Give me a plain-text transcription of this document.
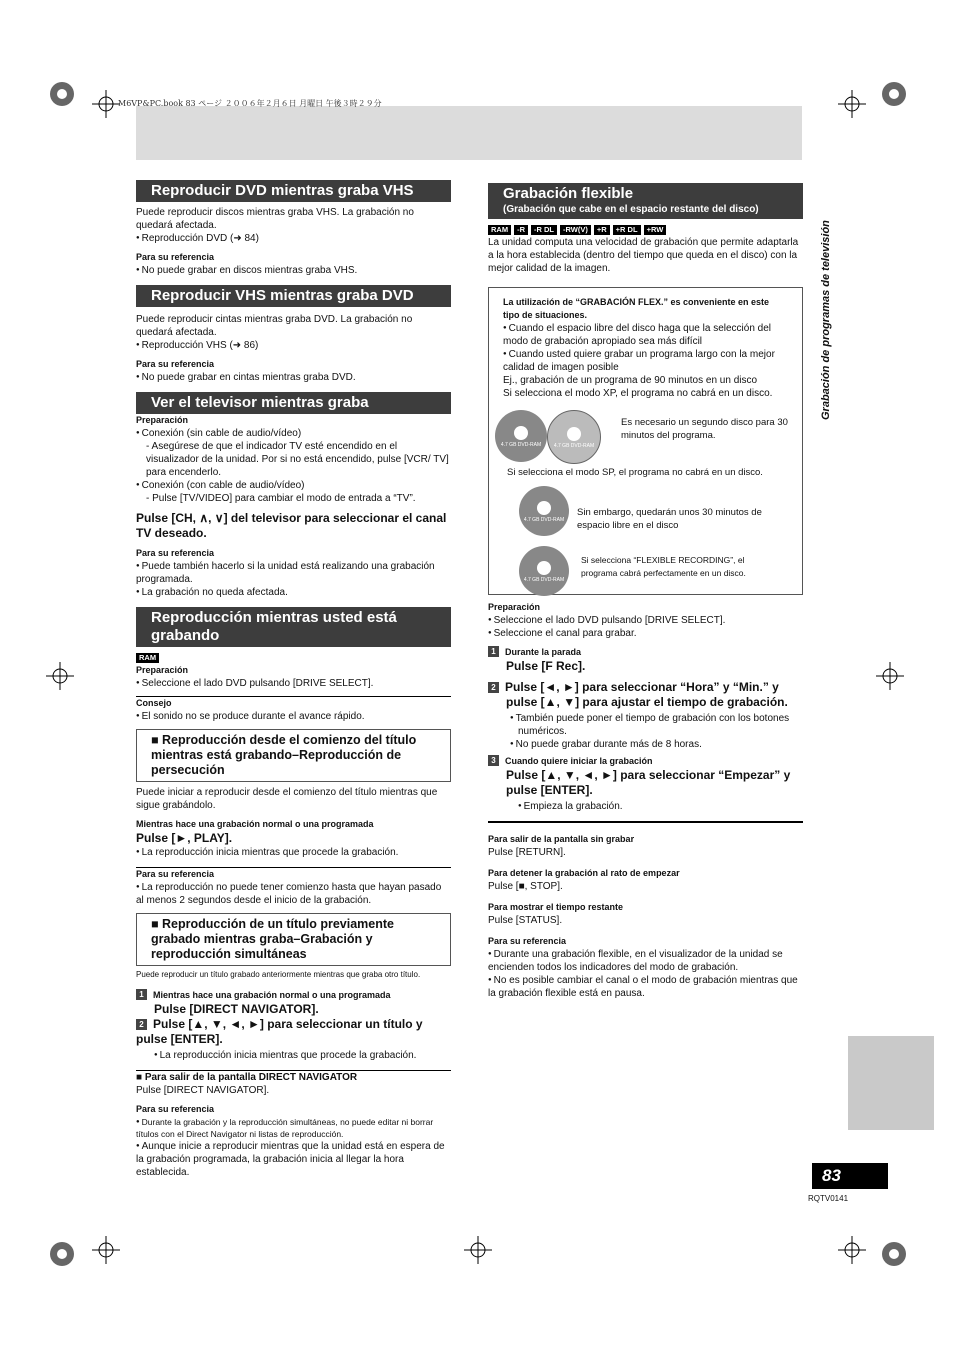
M6VP&PC.book 83 ページ ２００６年２月６日 月曜日 午後３時２９分
Grabación de programas de televisión
83
RQTV0141
Reproducir DVD mientras graba VHS

Puede reproducir discos mientras graba VHS. La grabación no quedará afectada.

● Reproducción DVD (➜ 84)

Para su referencia

● No puede grabar en discos mientras graba VHS.

Reproducir VHS mientras graba DVD

Puede reproducir cintas mientras graba DVD. La grabación no quedará afectada.

● Reproducción VHS (➜ 86)

Para su referencia

● No puede grabar en cintas mientras graba DVD.

Ver el televisor mientras graba

Preparación

● Conexión (sin cable de audio/vídeo)

- Asegúrese de que el indicador TV esté encendido en el visualizador de la unidad. Por si no está encendido, pulse [VCR/ TV] para encenderlo.

● Conexión (con cable de audio/vídeo)

- Pulse [TV/VIDEO] para cambiar el modo de entrada a “TV”.

Pulse [CH, ∧, ∨] del televisor para seleccionar el canal TV deseado.

Para su referencia

● Puede también hacerlo si la unidad está realizando una grabación programada.

● La grabación no queda afectada.

Reproducción mientras usted está grabando

RAM

Preparación

● Seleccione el lado DVD pulsando [DRIVE SELECT].

Consejo

● El sonido no se produce durante el avance rápido.

■ Reproducción desde el comienzo del título mientras está grabando–Reproducción de persecución

Puede iniciar a reproducir desde el comienzo del título mientras que sigue grabándolo.

Mientras hace una grabación normal o una programada

Pulse [►, PLAY].

● La reproducción inicia mientras que procede la grabación.

Para su referencia

● La reproducción no puede tener comienzo hasta que hayan pasado al menos 2 segundos desde el inicio de la grabación.

■ Reproducción de un título previamente grabado mientras graba–Grabación y reproducción simultáneas

Puede reproducir un título grabado anteriormente mientras que graba otro título.

1 Mientras hace una grabación normal o una programada

Pulse [DIRECT NAVIGATOR].

2 Pulse [▲, ▼, ◄, ►] para seleccionar un título y pulse [ENTER].

● La reproducción inicia mientras que procede la grabación.

■ Para salir de la pantalla DIRECT NAVIGATOR

Pulse [DIRECT NAVIGATOR].

Para su referencia

● Durante la grabación y la reproducción simultáneas, no puede editar ni borrar títulos con el Direct Navigator ni listas de reproducción.

● Aunque inicie a reproducir mientras que la unidad está en espera de la grabación programada, la grabación inicia al llegar la hora establecida.

Grabación flexible
(Grabación que cabe en el espacio restante del disco)

RAM -R -R DL -RW(V) +R +R DL +RW

La unidad computa una velocidad de grabación que permite adaptarla a la hora establecida (dentro del tiempo que queda en el disco) con la mejor calidad de la imagen.

La utilización de “GRABACIÓN FLEX.” es conveniente en este tipo de situaciones.

● Cuando el espacio libre del disco haga que la selección del modo de grabación apropiado sea más difícil

● Cuando usted quiere grabar un programa largo con la mejor calidad de imagen posible

Ej., grabación de un programa de 90 minutos en un disco

Si selecciona el modo XP, el programa no cabrá en un disco.

4.7 GB DVD-RAM	4.7 GB DVD-RAM

Es necesario un segundo disco para 30 minutos del programa.

Si selecciona el modo SP, el programa no cabrá en un disco.

4.7 GB DVD-RAM

Sin embargo, quedarán unos 30 minutos de espacio libre en el disco

4.7 GB DVD-RAM

Si selecciona “FLEXIBLE RECORDING”, el programa cabrá perfectamente en un disco.

Preparación

● Seleccione el lado DVD pulsando [DRIVE SELECT].

● Seleccione el canal para grabar.

1 Durante la parada

Pulse [F Rec].

2 Pulse [◄, ►] para seleccionar “Hora” y “Min.” y pulse [▲, ▼] para ajustar el tiempo de grabación.

● También puede poner el tiempo de grabación con los botones numéricos.

● No puede grabar durante más de 8 horas.

3 Cuando quiere iniciar la grabación

Pulse [▲, ▼, ◄, ►] para seleccionar “Empezar” y pulse [ENTER].

● Empieza la grabación.

Para salir de la pantalla sin grabar

Pulse [RETURN].

Para detener la grabación al rato de empezar

Pulse [■, STOP].

Para mostrar el tiempo restante

Pulse [STATUS].

Para su referencia

● Durante una grabación flexible, en el visualizador de la unidad se encienden todos los indicadores del modo de grabación.

● No es posible cambiar el canal o el modo de grabación mientras que la grabación flexible está en pausa.
